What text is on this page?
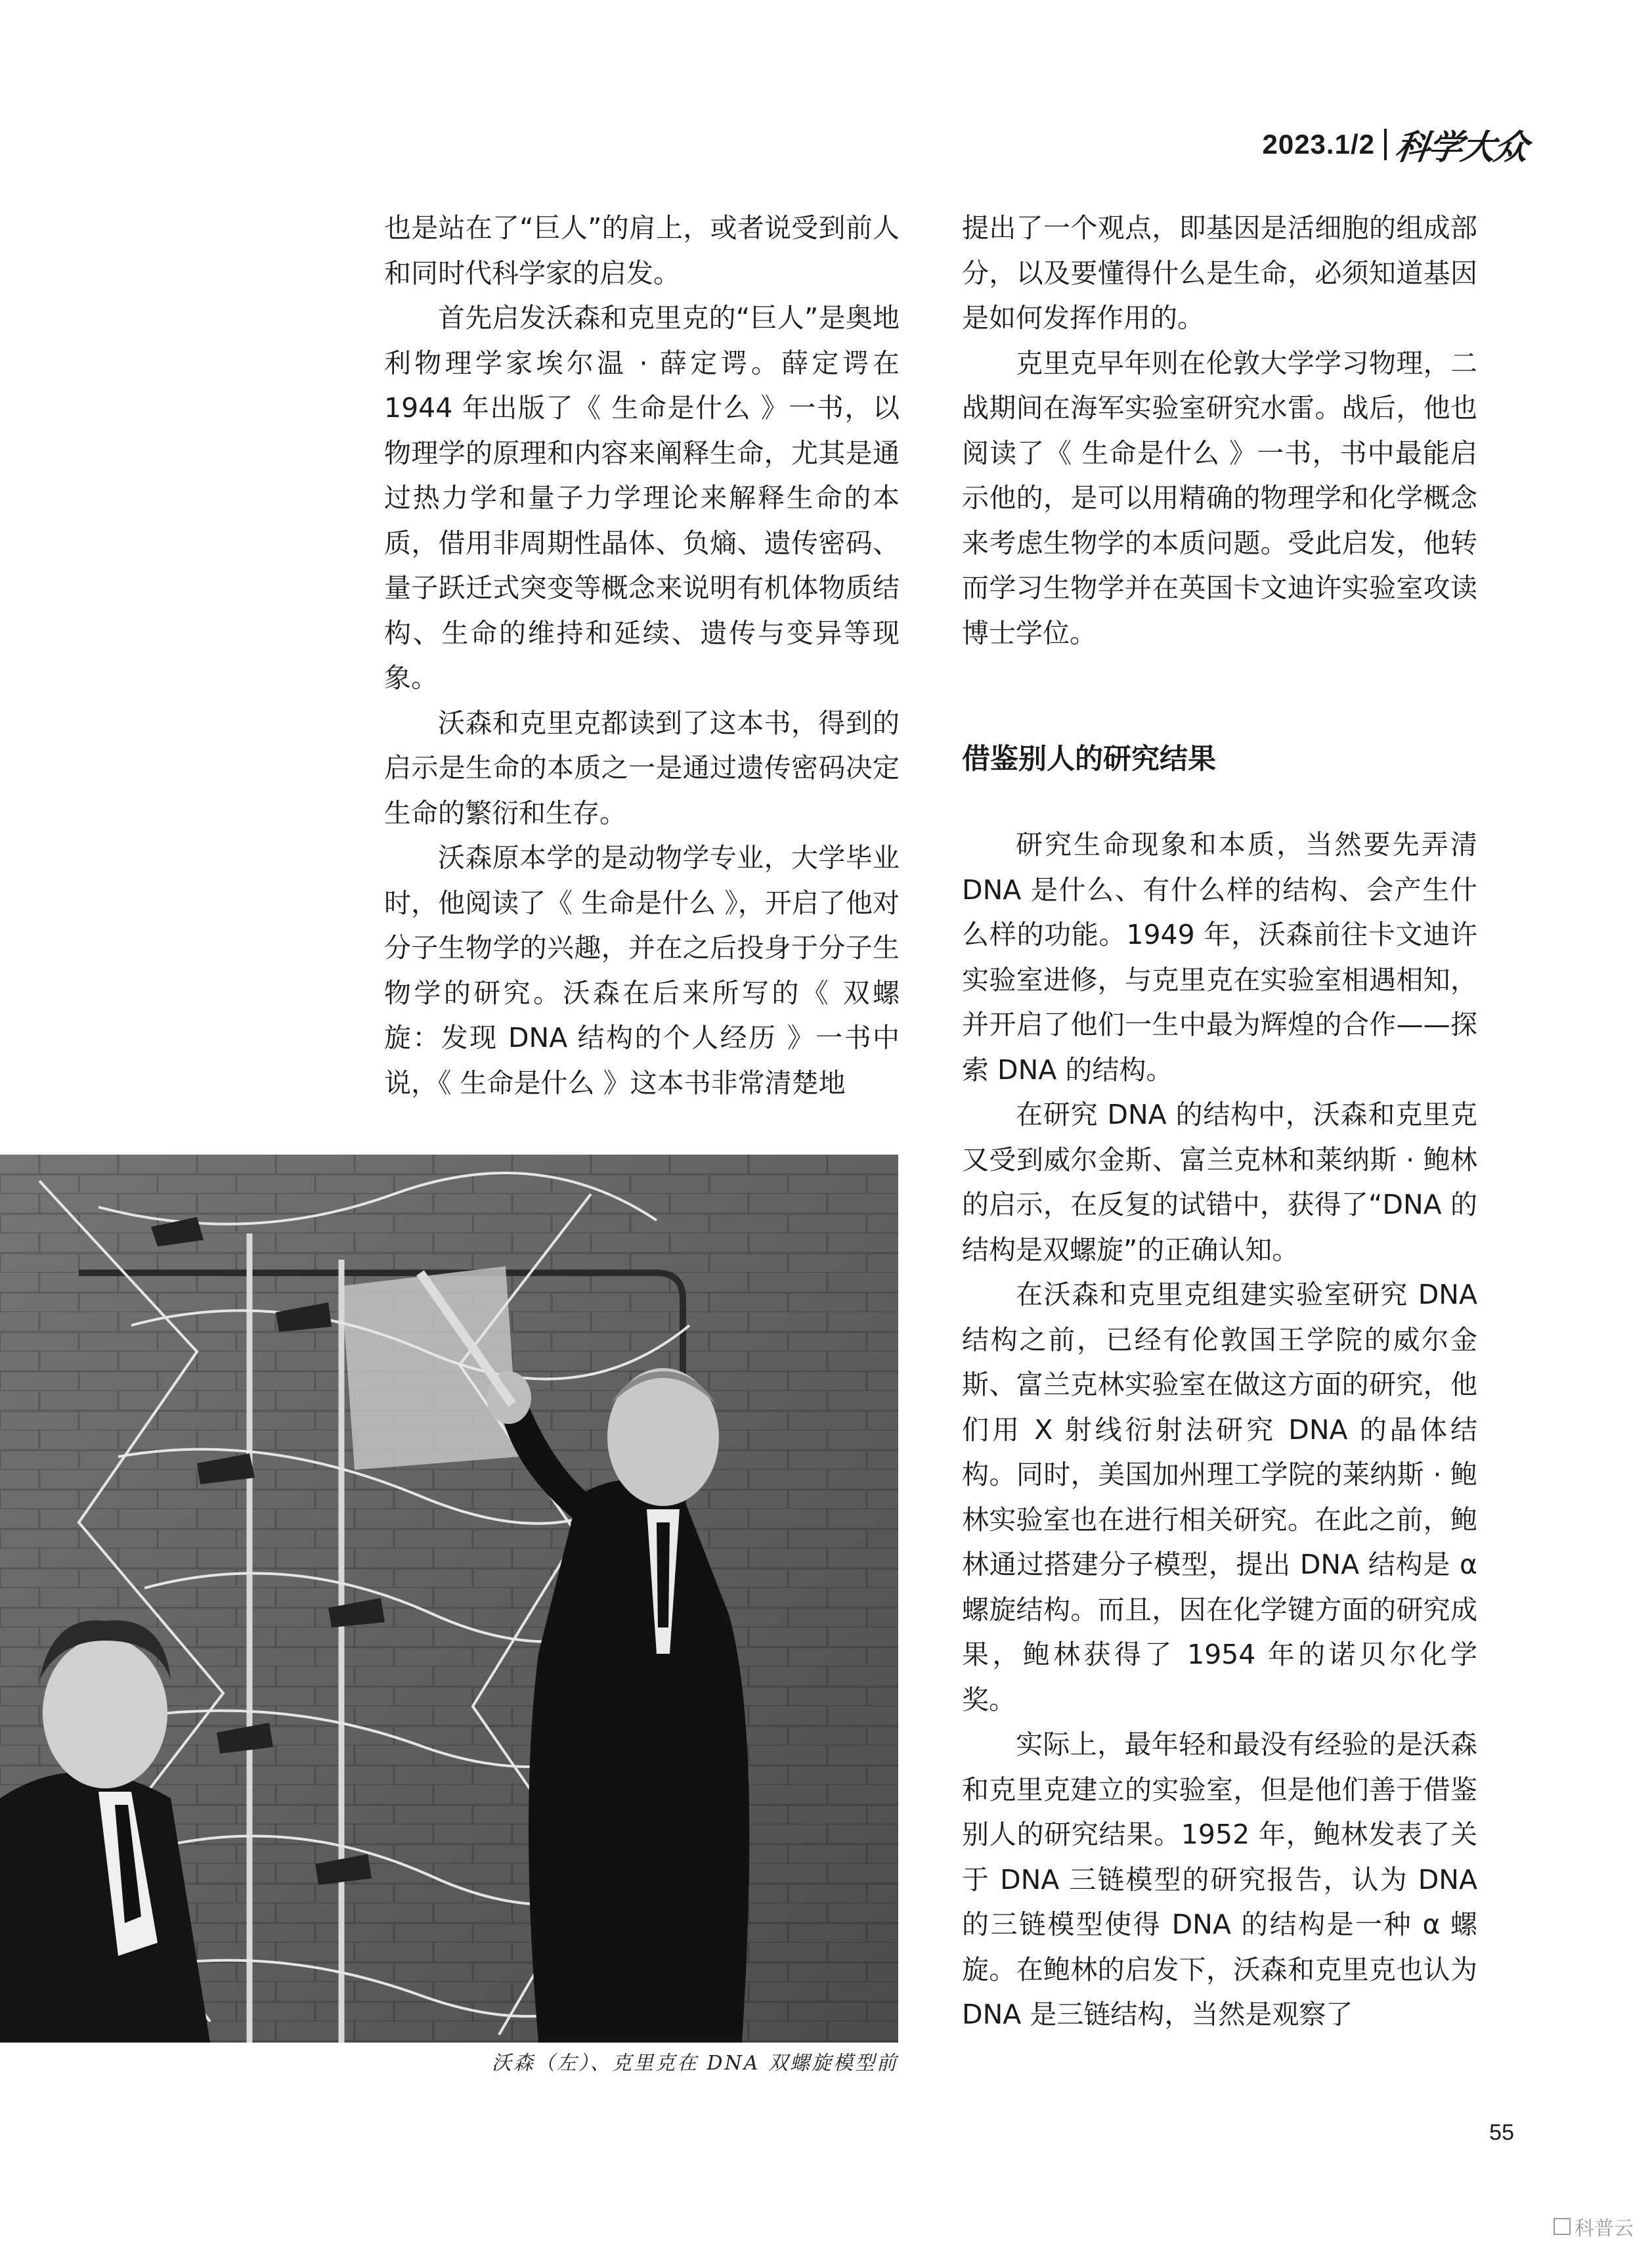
2023.1/2 科学大众

也是站在了“巨人”的肩上，或者说受到前人和同时代科学家的启发。

首先启发沃森和克里克的“巨人”是奥地利物理学家埃尔温 · 薛定谔。薛定谔在 1944 年出版了《 生命是什么 》一书，以物理学的原理和内容来阐释生命，尤其是通过热力学和量子力学理论来解释生命的本质，借用非周期性晶体、负熵、遗传密码、量子跃迁式突变等概念来说明有机体物质结构、生命的维持和延续、遗传与变异等现象。

沃森和克里克都读到了这本书，得到的启示是生命的本质之一是通过遗传密码决定生命的繁衍和生存。

沃森原本学的是动物学专业，大学毕业时，他阅读了《 生命是什么 》，开启了他对分子生物学的兴趣，并在之后投身于分子生物学的研究。沃森在后来所写的《 双螺旋：发现 DNA 结构的个人经历 》一书中说，《 生命是什么 》这本书非常清楚地

提出了一个观点，即基因是活细胞的组成部分，以及要懂得什么是生命，必须知道基因是如何发挥作用的。

克里克早年则在伦敦大学学习物理，二战期间在海军实验室研究水雷。战后，他也阅读了《 生命是什么 》一书，书中最能启示他的，是可以用精确的物理学和化学概念来考虑生物学的本质问题。受此启发，他转而学习生物学并在英国卡文迪许实验室攻读博士学位。

借鉴别人的研究结果

研究生命现象和本质，当然要先弄清 DNA 是什么、有什么样的结构、会产生什么样的功能。1949 年，沃森前往卡文迪许实验室进修，与克里克在实验室相遇相知，并开启了他们一生中最为辉煌的合作——探索 DNA 的结构。

在研究 DNA 的结构中，沃森和克里克又受到威尔金斯、富兰克林和莱纳斯 · 鲍林的启示，在反复的试错中，获得了“DNA 的结构是双螺旋”的正确认知。

在沃森和克里克组建实验室研究 DNA 结构之前，已经有伦敦国王学院的威尔金斯、富兰克林实验室在做这方面的研究，他们用 X 射线衍射法研究 DNA 的晶体结构。同时，美国加州理工学院的莱纳斯 · 鲍林实验室也在进行相关研究。在此之前，鲍林通过搭建分子模型，提出 DNA 结构是 α 螺旋结构。而且，因在化学键方面的研究成果，鲍林获得了 1954 年的诺贝尔化学奖。

实际上，最年轻和最没有经验的是沃森和克里克建立的实验室，但是他们善于借鉴别人的研究结果。1952 年，鲍林发表了关于 DNA 三链模型的研究报告，认为 DNA 的三链模型使得 DNA 的结构是一种 α 螺旋。在鲍林的启发下，沃森和克里克也认为 DNA 是三链结构，当然是观察了

沃森（左）、克里克在 DNA 双螺旋模型前
55
科普云
